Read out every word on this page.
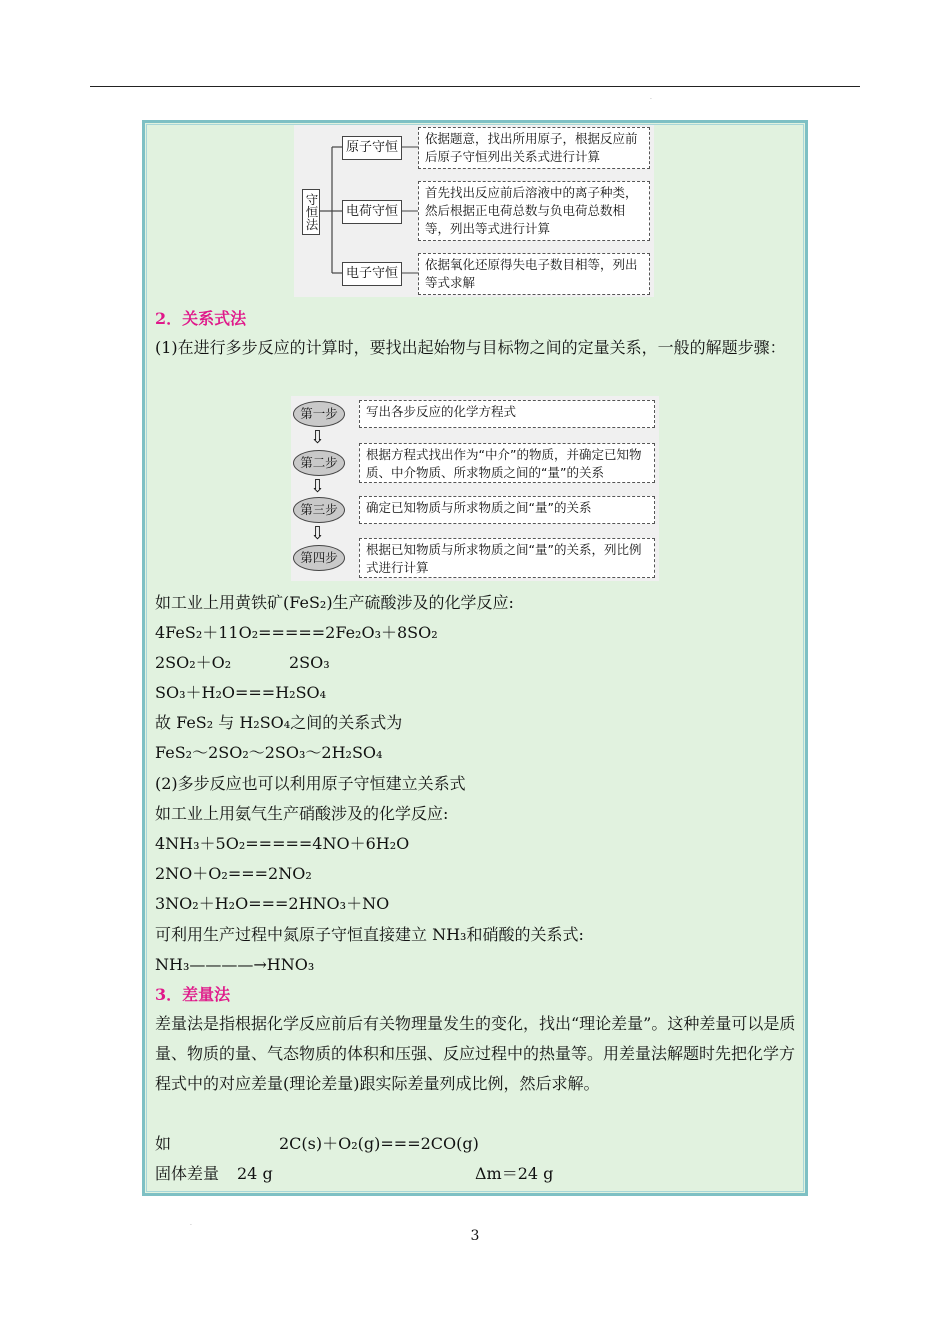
·
·
守恒法
原子守恒
依据题意，找出所用原子，根据反应前后原子守恒列出关系式进行计算
电荷守恒
首先找出反应前后溶液中的离子种类，然后根据正电荷总数与负电荷总数相等，列出等式进行计算
电子守恒
依据氧化还原得失电子数目相等，列出等式求解
2．关系式法
(1)在进行多步反应的计算时，要找出起始物与目标物之间的定量关系，一般的解题步骤：
第一步	写出各步反应的化学方程式
⇩
第二步
根据方程式找出作为“中介”的物质，并确定已知物质、中介物质、所求物质之间的“量”的关系
⇩
第三步	确定已知物质与所求物质之间“量”的关系
⇩
第四步
根据已知物质与所求物质之间“量”的关系，列比例式进行计算
如工业上用黄铁矿(FeS₂)生产硫酸涉及的化学反应:
4FeS₂＋11O₂=====2Fe₂O₃＋8SO₂
2SO₂＋O₂	2SO₃
SO₃＋H₂O===H₂SO₄
故 FeS₂ 与 H₂SO₄之间的关系式为
FeS₂～2SO₂～2SO₃～2H₂SO₄
(2)多步反应也可以利用原子守恒建立关系式
如工业上用氨气生产硝酸涉及的化学反应:
4NH₃＋5O₂=====4NO＋6H₂O
2NO＋O₂===2NO₂
3NO₂＋H₂O===2HNO₃＋NO
可利用生产过程中氮原子守恒直接建立 NH₃和硝酸的关系式:
NH₃————→HNO₃
3．差量法
差量法是指根据化学反应前后有关物理量发生的变化，找出“理论差量”。这种差量可以是质量、物质的量、气态物质的体积和压强、反应过程中的热量等。用差量法解题时先把化学方程式中的对应差量(理论差量)跟实际差量列成比例，然后求解。
如	2C(s)＋O₂(g)===2CO(g)
固体差量 24 g	Δm＝24 g
3
